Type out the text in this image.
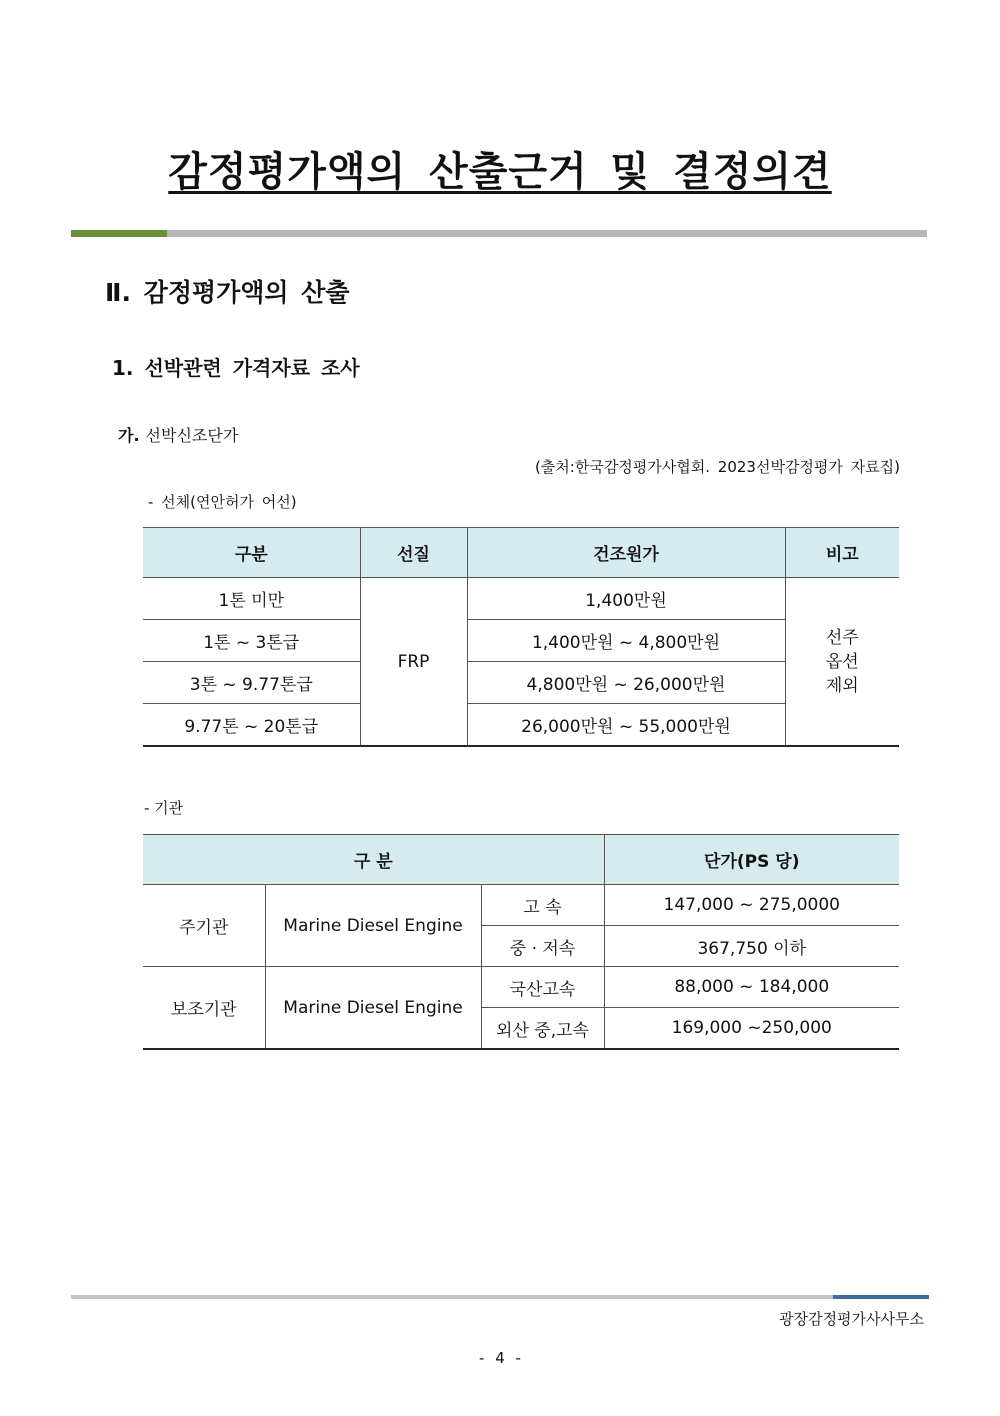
감정평가액의 산출근거 및 결정의견
Ⅱ. 감정평가액의 산출
1. 선박관련 가격자료 조사
가. 선박신조단가
(출처:한국감정평가사협회. 2023선박감정평가 자료집)
- 선체(연안허가 어선)
구분	선질	건조원가	비고
1톤 미만	FRP	1,400만원	선주
옵션
제외
1톤 ~ 3톤급		1,400만원 ~ 4,800만원	
3톤 ~ 9.77톤급		4,800만원 ~ 26,000만원	
9.77톤 ~ 20톤급		26,000만원 ~ 55,000만원	
- 기관
구 분			단가(PS 당)
주기관	Marine Diesel Engine	고 속	147,000 ~ 275,0000
		중 · 저속	367,750 이하
보조기관	Marine Diesel Engine	국산고속	88,000 ~ 184,000
		외산 중,고속	169,000 ~250,000
광장감정평가사사무소
- 4 -
